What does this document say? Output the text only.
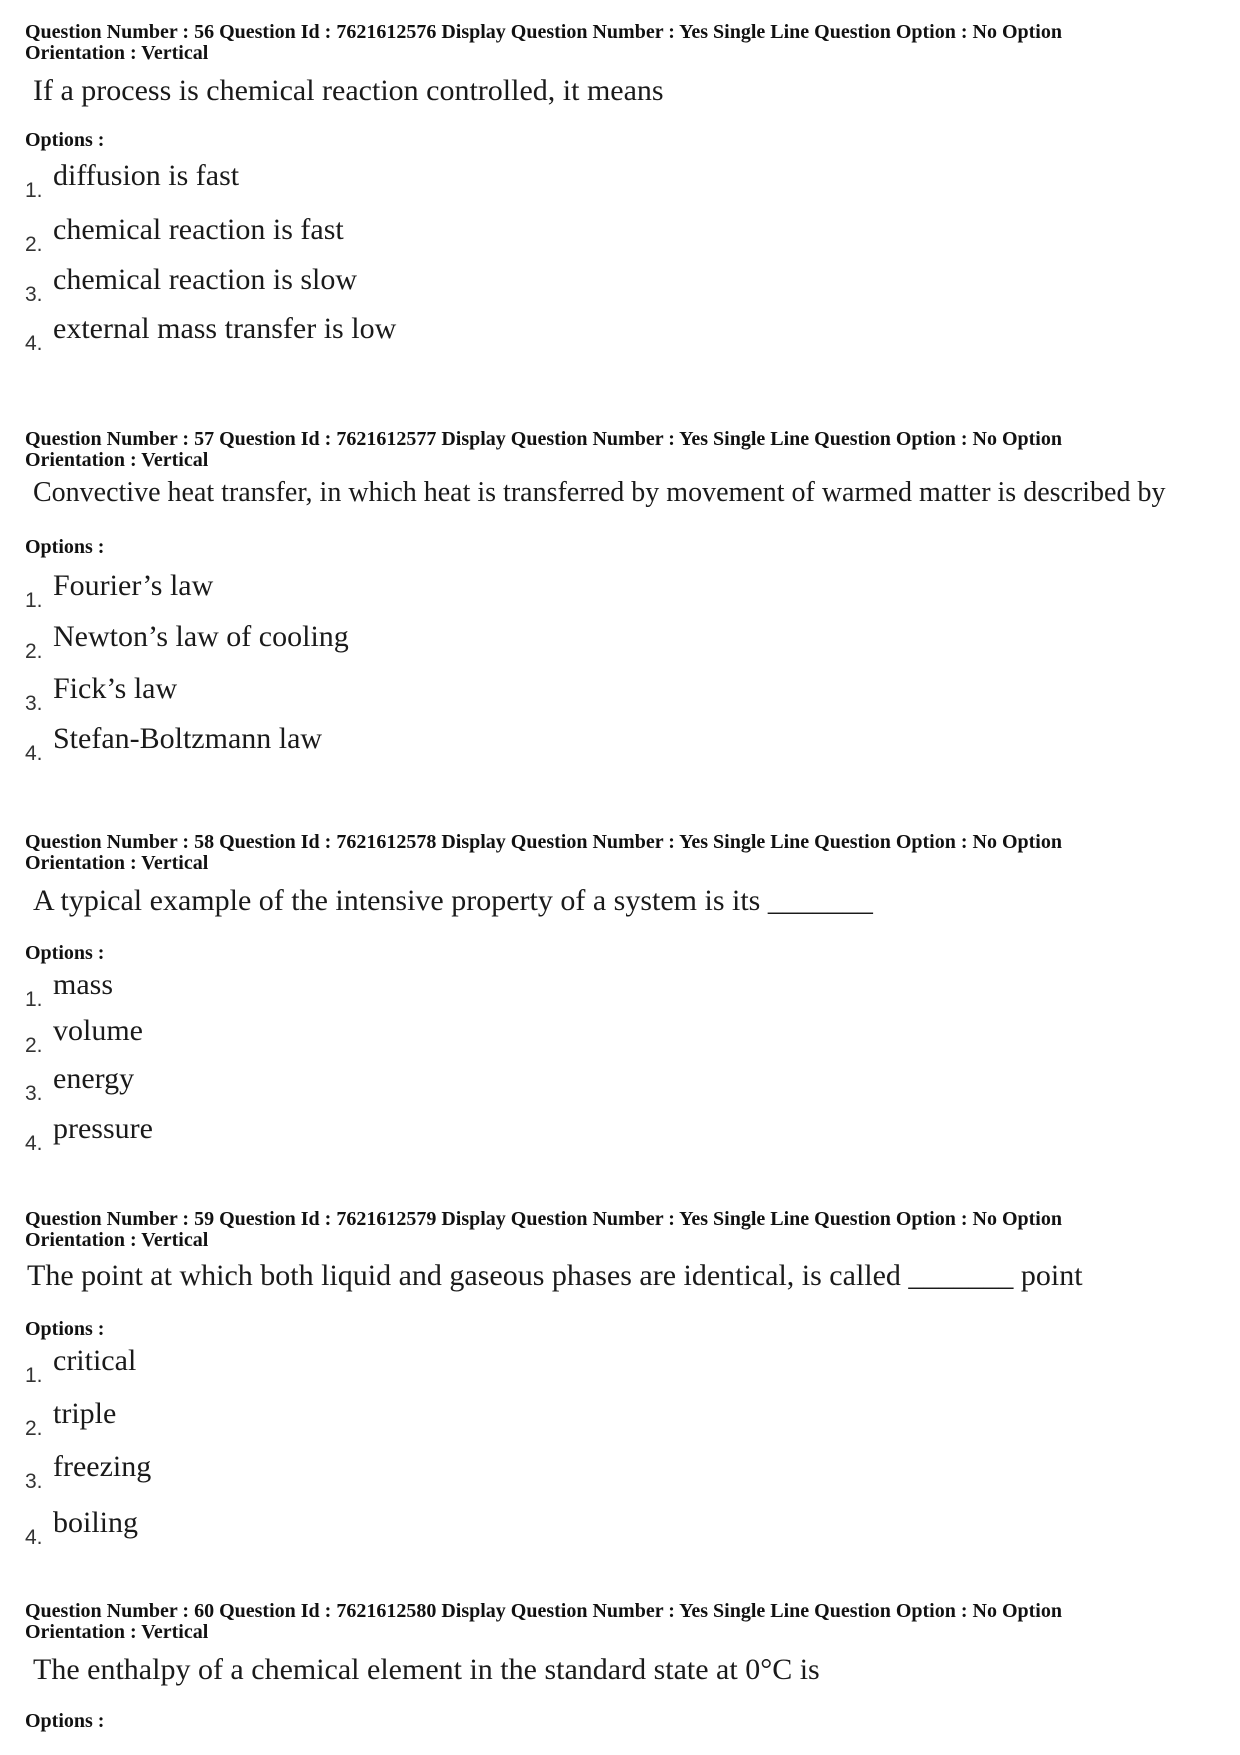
Question Number : 56 Question Id : 7621612576 Display Question Number : Yes Single Line Question Option : No Option
Orientation : Vertical
If a process is chemical reaction controlled, it means
Options :
1. diffusion is fast
2. chemical reaction is fast
3. chemical reaction is slow
4. external mass transfer is low
Question Number : 57 Question Id : 7621612577 Display Question Number : Yes Single Line Question Option : No Option
Orientation : Vertical
Convective heat transfer, in which heat is transferred by movement of warmed matter is described by
Options :
1. Fourier’s law
2. Newton’s law of cooling
3. Fick’s law
4. Stefan-Boltzmann law
Question Number : 58 Question Id : 7621612578 Display Question Number : Yes Single Line Question Option : No Option
Orientation : Vertical
A typical example of the intensive property of a system is its _______
Options :
1. mass
2. volume
3. energy
4. pressure
Question Number : 59 Question Id : 7621612579 Display Question Number : Yes Single Line Question Option : No Option
Orientation : Vertical
The point at which both liquid and gaseous phases are identical, is called _______ point
Options :
1. critical
2. triple
3. freezing
4. boiling
Question Number : 60 Question Id : 7621612580 Display Question Number : Yes Single Line Question Option : No Option
Orientation : Vertical
The enthalpy of a chemical element in the standard state at 0°C is
Options :
